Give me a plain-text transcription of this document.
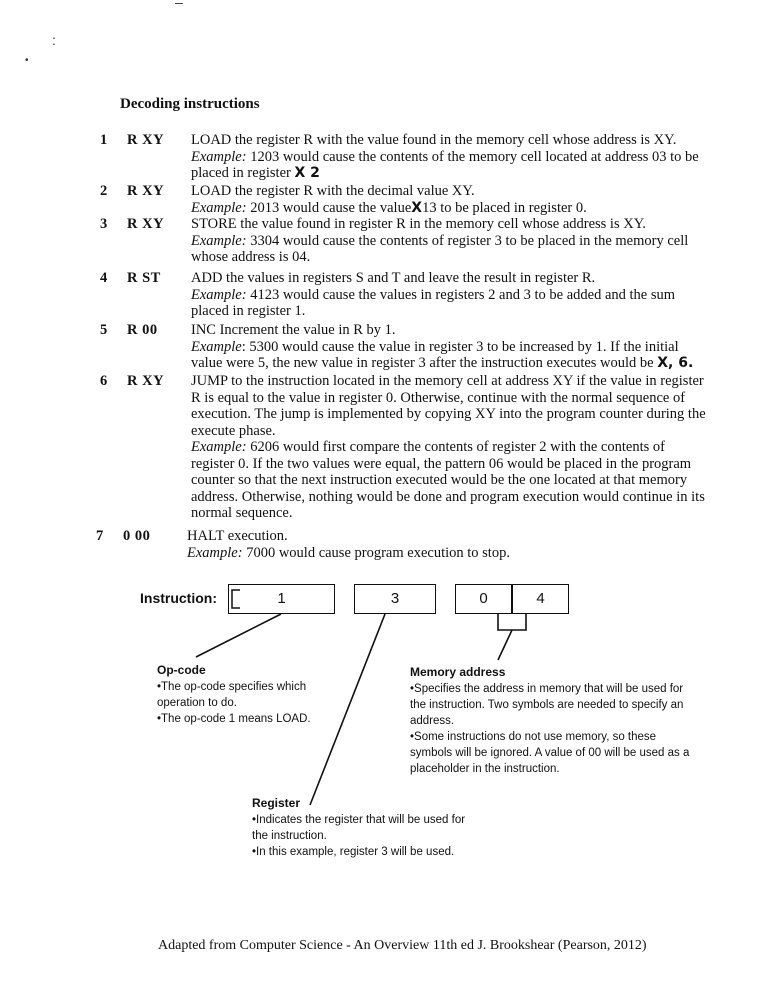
–
:
•
Decoding instructions
1 R XY LOAD the register R with the value found in the memory cell whose address is XY.
Example: 1203 would cause the contents of the memory cell located at address 03 to be placed in register X 2
2 R XY LOAD the register R with the decimal value XY.
Example: 2013 would cause the valueX13 to be placed in register 0.
3 R XY STORE the value found in register R in the memory cell whose address is XY.
Example: 3304 would cause the contents of register 3 to be placed in the memory cell whose address is 04.
4 R ST ADD the values in registers S and T and leave the result in register R.
Example: 4123 would cause the values in registers 2 and 3 to be added and the sum placed in register 1.
5 R 00 INC Increment the value in R by 1.
Example: 5300 would cause the value in register 3 to be increased by 1. If the initial value were 5, the new value in register 3 after the instruction executes would be X, 6.
6 R XY JUMP to the instruction located in the memory cell at address XY if the value in register R is equal to the value in register 0. Otherwise, continue with the normal sequence of execution. The jump is implemented by copying XY into the program counter during the execute phase.
Example: 6206 would first compare the contents of register 2 with the contents of register 0. If the two values were equal, the pattern 06 would be placed in the program counter so that the next instruction executed would be the one located at that memory address. Otherwise, nothing would be done and program execution would continue in its normal sequence.
7 0 00	HALT execution.
Example: 7000 would cause program execution to stop.
Instruction:	1	3	0	4
Op-code
•The op-code specifies which
operation to do.
•The op-code 1 means LOAD.
Memory address
•Specifies the address in memory that will be used for
the instruction. Two symbols are needed to specify an
address.
•Some instructions do not use memory, so these
symbols will be ignored. A value of 00 will be used as a
placeholder in the instruction.
Register
•Indicates the register that will be used for
the instruction.
•In this example, register 3 will be used.
Adapted from Computer Science - An Overview 11th ed J. Brookshear (Pearson, 2012)
